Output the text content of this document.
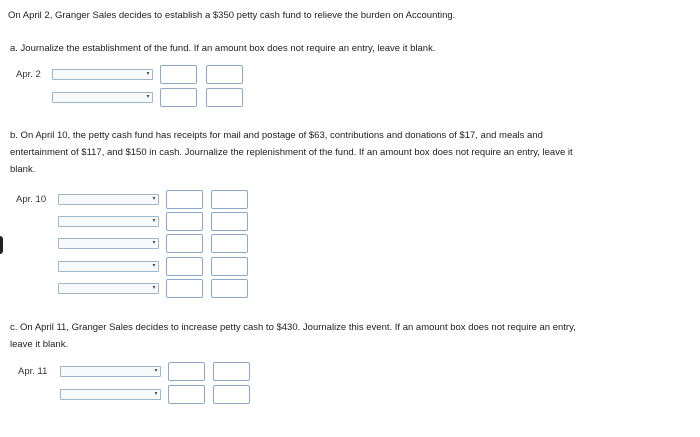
On April 2, Granger Sales decides to establish a $350 petty cash fund to relieve the burden on Accounting.

a. Journalize the establishment of the fund. If an amount box does not require an entry, leave it blank.

Apr. 2	▾
▾

b. On April 10, the petty cash fund has receipts for mail and postage of $63, contributions and donations of $17, and meals and

entertainment of $117, and $150 in cash. Journalize the replenishment of the fund. If an amount box does not require an entry, leave it

blank.

Apr. 10	▾
▾
▾
▾
▾

c. On April 11, Granger Sales decides to increase petty cash to $430. Journalize this event. If an amount box does not require an entry,

leave it blank.

Apr. 11	▾
▾
